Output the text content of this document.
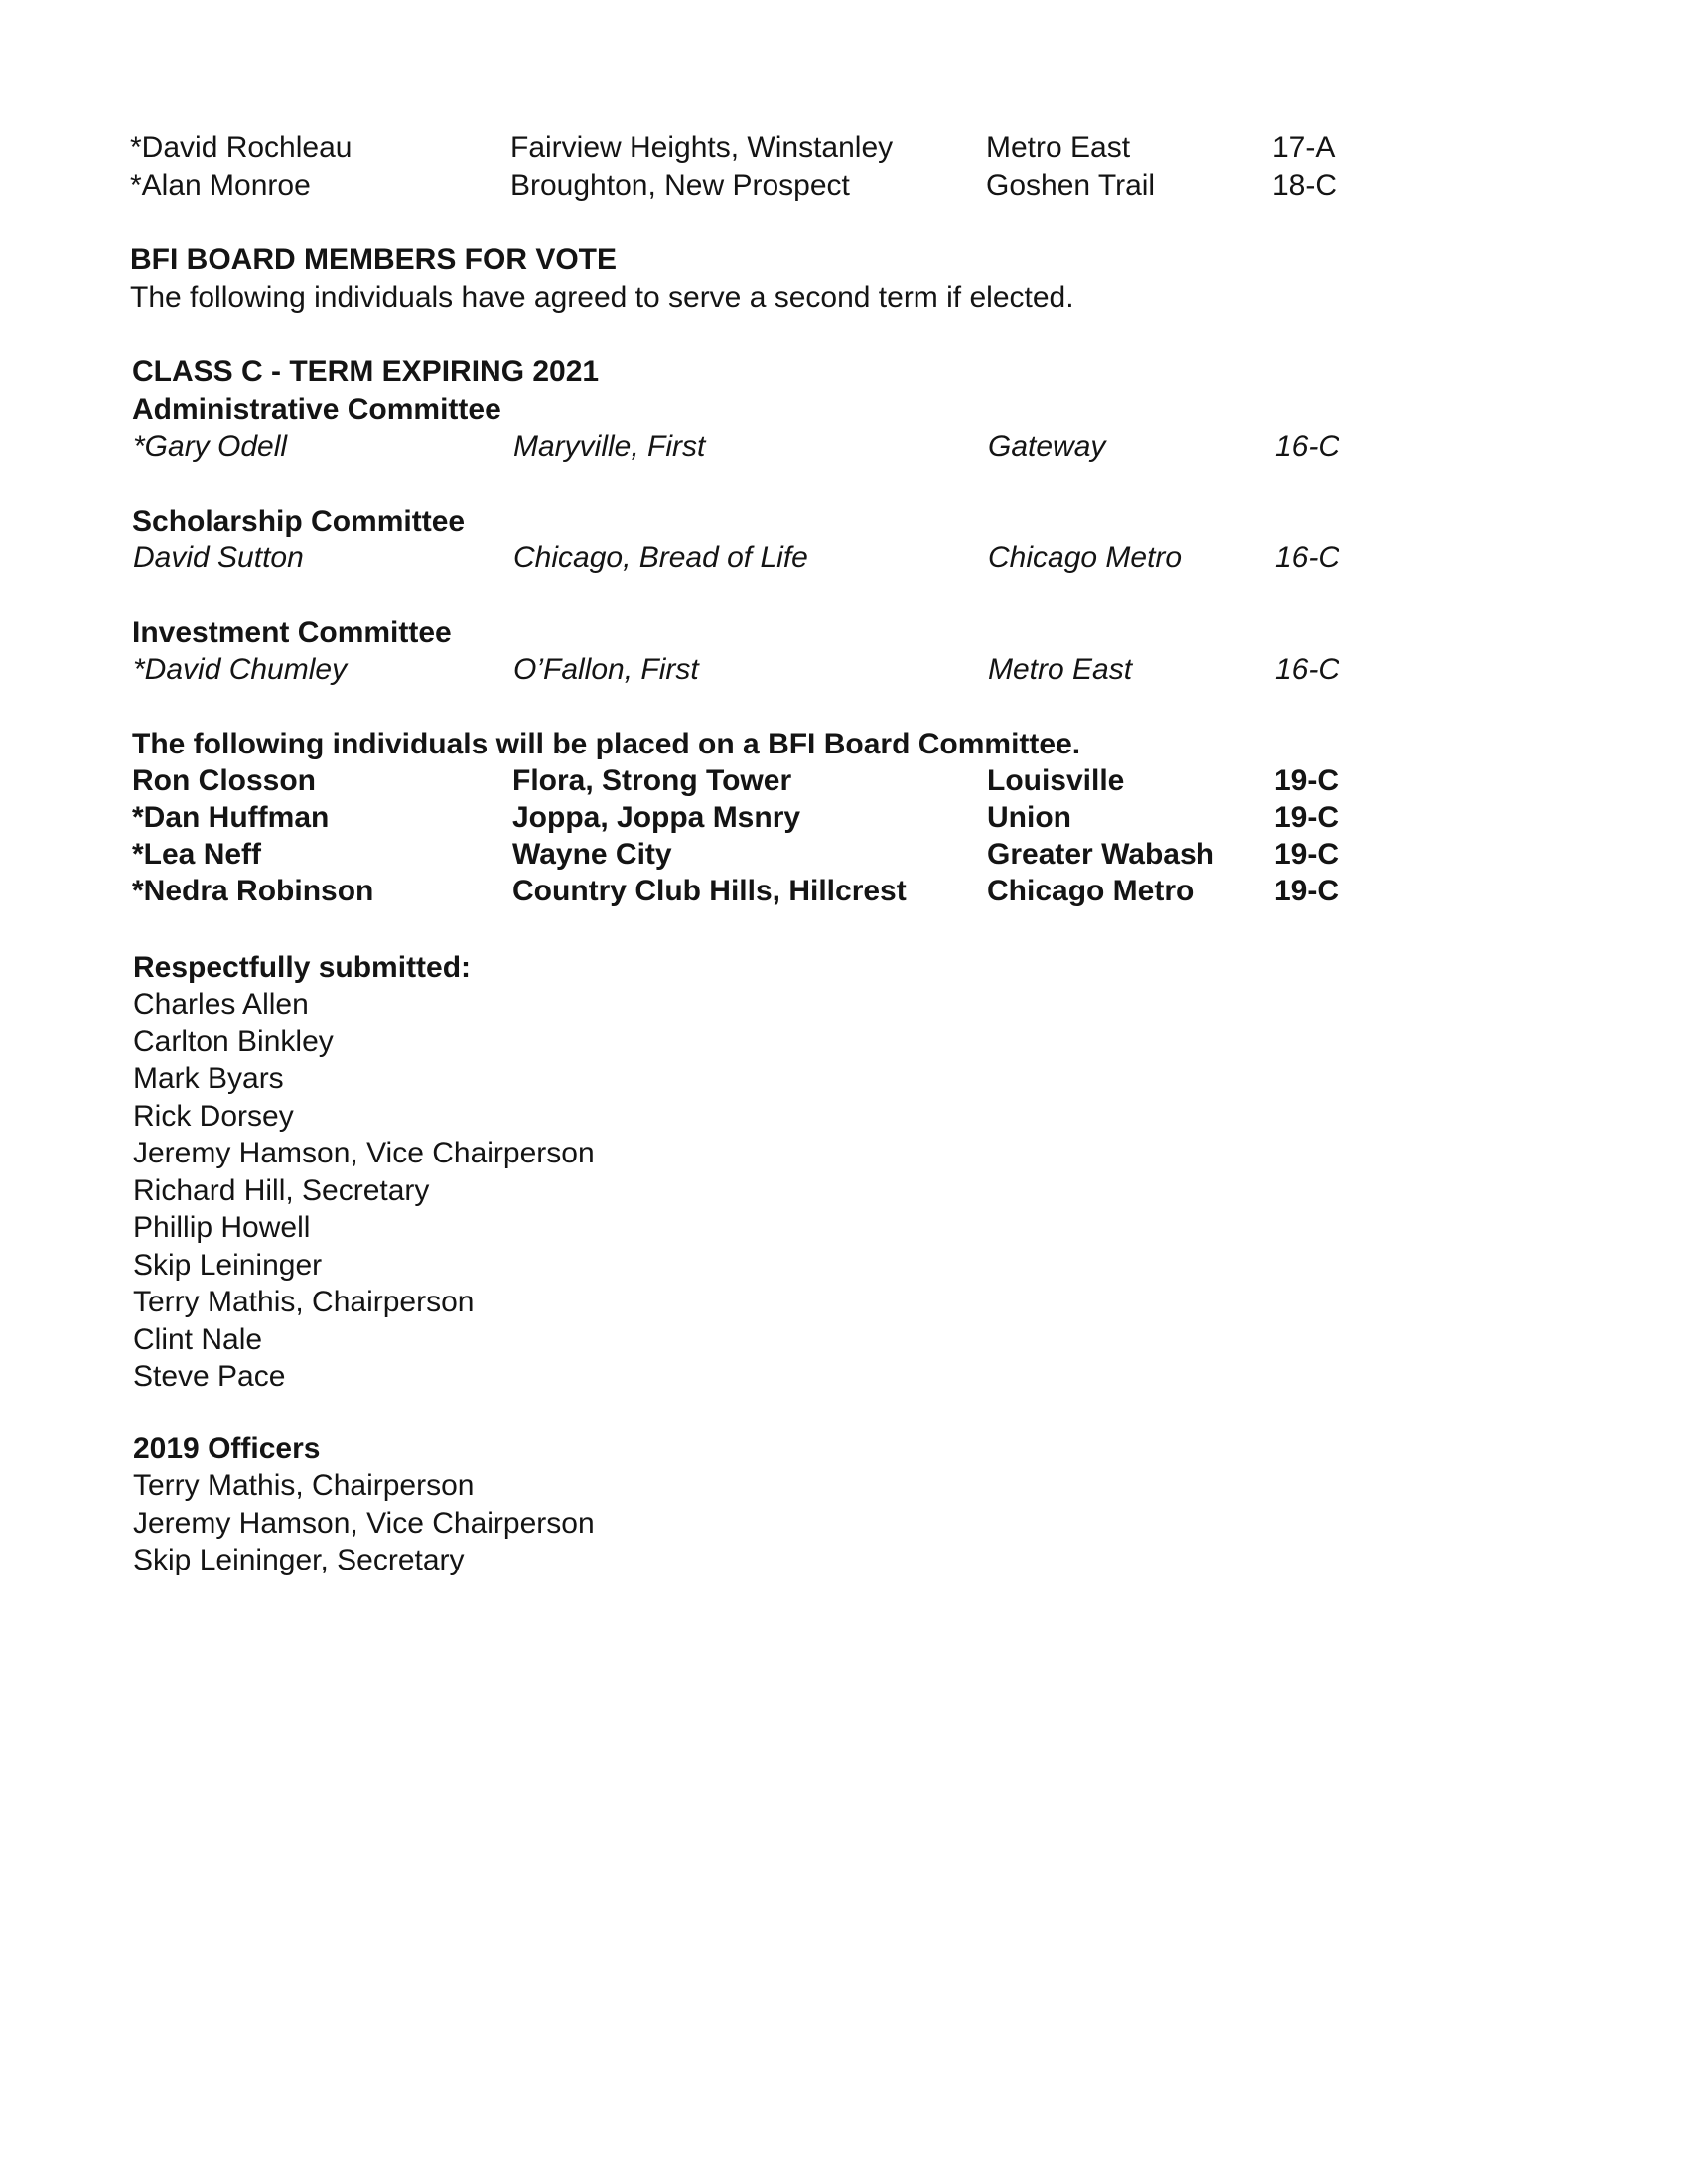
*David Rochleau	Fairview Heights, Winstanley	Metro East	17-A
*Alan Monroe	Broughton, New Prospect	Goshen Trail	18-C
BFI BOARD MEMBERS FOR VOTE
The following individuals have agreed to serve a second term if elected.
CLASS C - TERM EXPIRING 2021
Administrative Committee
*Gary Odell	Maryville, First	Gateway	16-C
Scholarship Committee
David Sutton	Chicago, Bread of Life	Chicago Metro	16-C
Investment Committee
*David Chumley	O’Fallon, First	Metro East	16-C
The following individuals will be placed on a BFI Board Committee.
Ron Closson	Flora, Strong Tower	Louisville	19-C
*Dan Huffman	Joppa, Joppa Msnry	Union	19-C
*Lea Neff	Wayne City	Greater Wabash 19-C
*Nedra Robinson	Country Club Hills, Hillcrest	Chicago Metro	19-C
Respectfully submitted:
Charles Allen
Carlton Binkley
Mark Byars
Rick Dorsey
Jeremy Hamson, Vice Chairperson
Richard Hill, Secretary
Phillip Howell
Skip Leininger
Terry Mathis, Chairperson
Clint Nale
Steve Pace
2019 Officers
Terry Mathis, Chairperson
Jeremy Hamson, Vice Chairperson
Skip Leininger, Secretary
